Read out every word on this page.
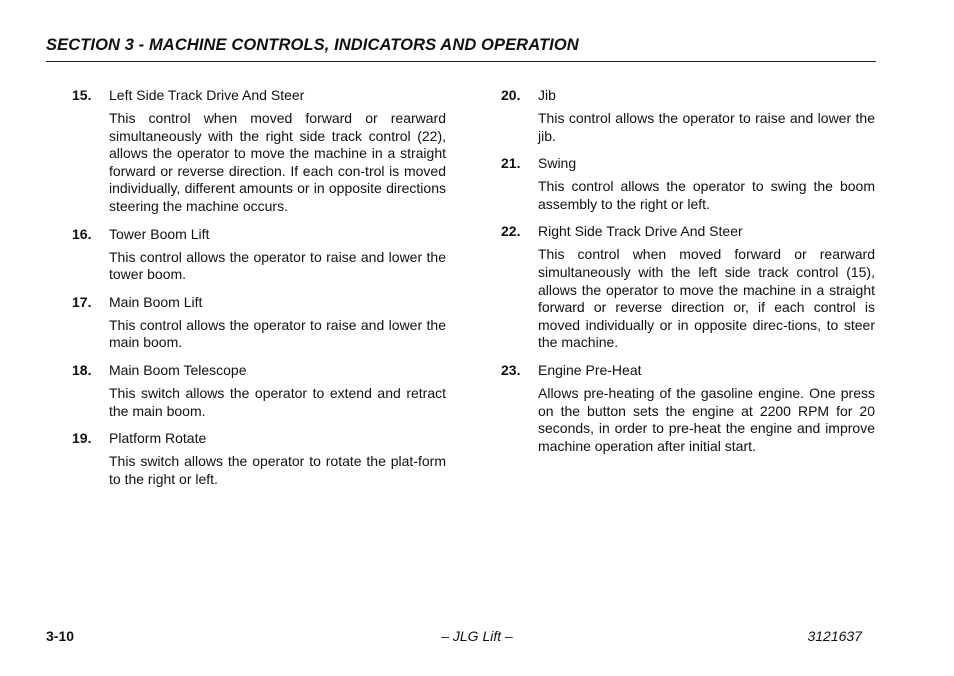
SECTION 3 - MACHINE CONTROLS, INDICATORS AND OPERATION
15. Left Side Track Drive And Steer
This control when moved forward or rearward simultaneously with the right side track control (22), allows the operator to move the machine in a straight forward or reverse direction. If each con-trol is moved individually, different amounts or in opposite directions steering the machine occurs.
16. Tower Boom Lift
This control allows the operator to raise and lower the tower boom.
17. Main Boom Lift
This control allows the operator to raise and lower the main boom.
18. Main Boom Telescope
This switch allows the operator to extend and retract the main boom.
19. Platform Rotate
This switch allows the operator to rotate the plat-form to the right or left.
20. Jib
This control allows the operator to raise and lower the jib.
21. Swing
This control allows the operator to swing the boom assembly to the right or left.
22. Right Side Track Drive And Steer
This control when moved forward or rearward simultaneously with the left side track control (15), allows the operator to move the machine in a straight forward or reverse direction or, if each control is moved individually or in opposite direc-tions, to steer the machine.
23. Engine Pre-Heat
Allows pre-heating of the gasoline engine. One press on the button sets the engine at 2200 RPM for 20 seconds, in order to pre-heat the engine and improve machine operation after initial start.
3-10	– JLG Lift –	3121637
